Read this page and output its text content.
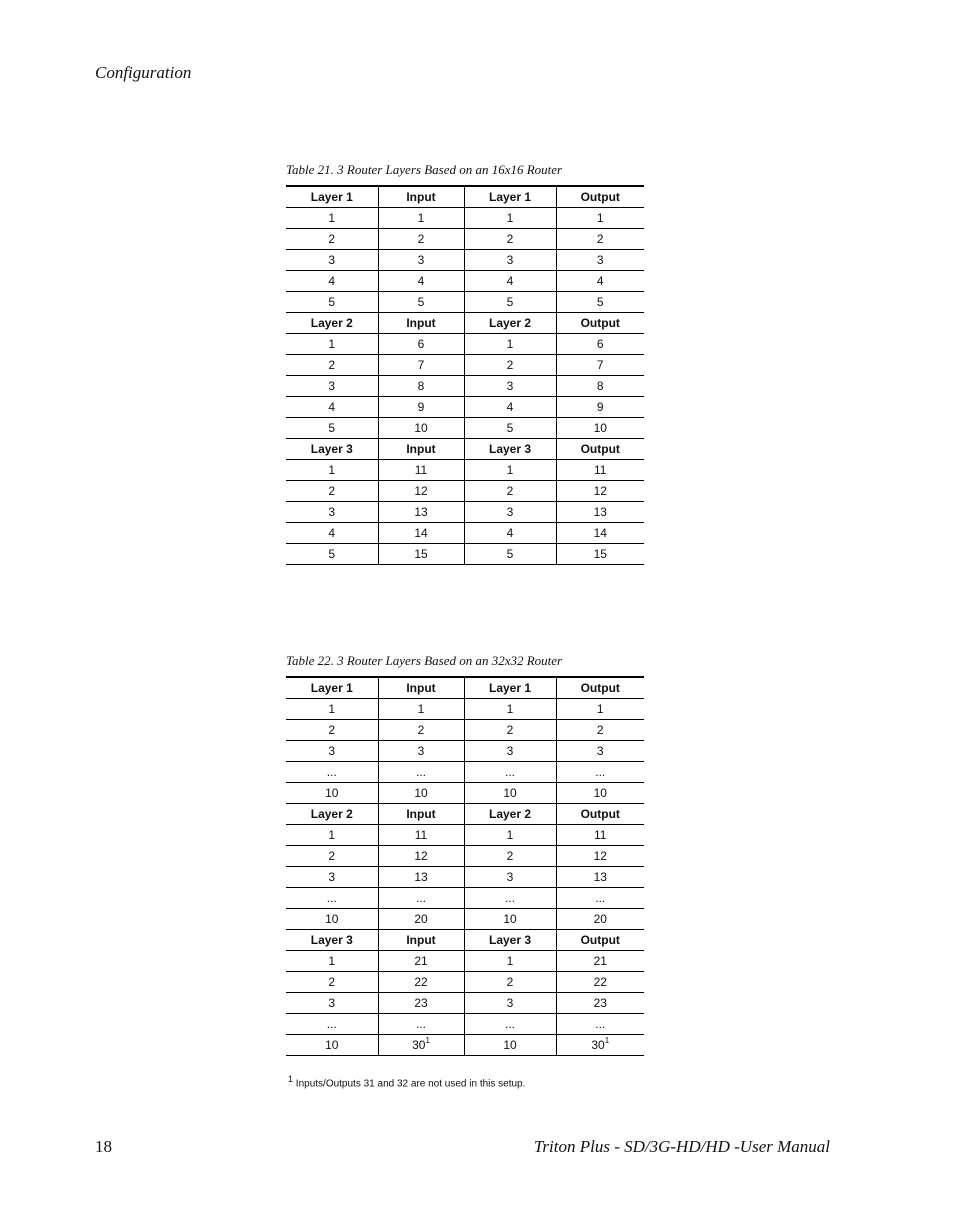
Configuration
Table 21. 3 Router Layers Based on an 16x16 Router
Layer 1	Input	Layer 1	Output
1	1	1	1
2	2	2	2
3	3	3	3
4	4	4	4
5	5	5	5
Layer 2	Input	Layer 2	Output
1	6	1	6
2	7	2	7
3	8	3	8
4	9	4	9
5	10	5	10
Layer 3	Input	Layer 3	Output
1	11	1	11
2	12	2	12
3	13	3	13
4	14	4	14
5	15	5	15
Table 22. 3 Router Layers Based on an 32x32 Router
Layer 1	Input	Layer 1	Output
1	1	1	1
2	2	2	2
3	3	3	3
...	...	...	...
10	10	10	10
Layer 2	Input	Layer 2	Output
1	11	1	11
2	12	2	12
3	13	3	13
...	...	...	...
10	20	10	20
Layer 3	Input	Layer 3	Output
1	21	1	21
2	22	2	22
3	23	3	23
...	...	...	...
10	$30^1$	10	$30^1$
$^1$ Inputs/Outputs 31 and 32 are not used in this setup.
18	Triton Plus - SD/3G-HD/HD -User Manual
